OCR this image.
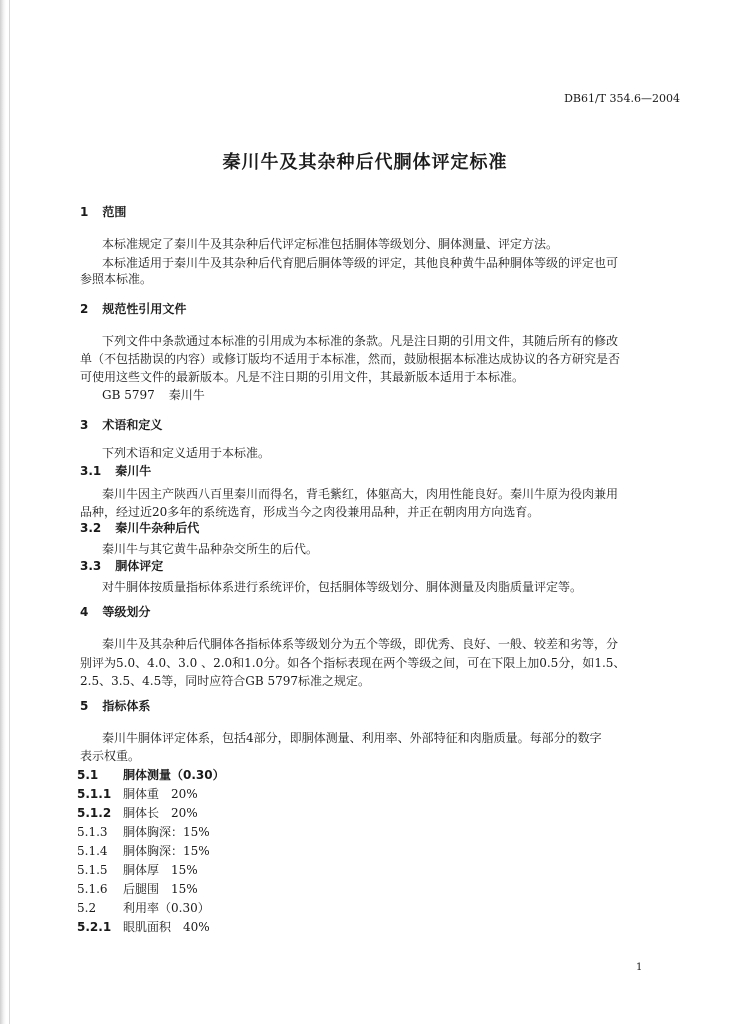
DB61/T 354.6—2004
秦川牛及其杂种后代胴体评定标准
1 范围
本标准规定了秦川牛及其杂种后代评定标准包括胴体等级划分、胴体测量、评定方法。
本标准适用于秦川牛及其杂种后代育肥后胴体等级的评定，其他良种黄牛品种胴体等级的评定也可
参照本标准。
2 规范性引用文件
下列文件中条款通过本标准的引用成为本标准的条款。凡是注日期的引用文件，其随后所有的修改
单（不包括勘误的内容）或修订版均不适用于本标准，然而，鼓励根据本标准达成协议的各方研究是否
可使用这些文件的最新版本。凡是不注日期的引用文件，其最新版本适用于本标准。
GB 5797 秦川牛
3 术语和定义
下列术语和定义适用于本标准。
3.1 秦川牛
秦川牛因主产陕西八百里秦川而得名，背毛紫红，体躯高大，肉用性能良好。秦川牛原为役肉兼用
品种，经过近20多年的系统选育，形成当今之肉役兼用品种，并正在朝肉用方向选育。
3.2 秦川牛杂种后代
秦川牛与其它黄牛品种杂交所生的后代。
3.3 胴体评定
对牛胴体按质量指标体系进行系统评价，包括胴体等级划分、胴体测量及肉脂质量评定等。
4 等级划分
秦川牛及其杂种后代胴体各指标体系等级划分为五个等级，即优秀、良好、一般、较差和劣等，分
别评为5.0、4.0、3.0 、2.0和1.0分。如各个指标表现在两个等级之间，可在下限上加0.5分，如1.5、
2.5、3.5、4.5等，同时应符合GB 5797标准之规定。
5 指标体系
秦川牛胴体评定体系，包括4部分，即胴体测量、利用率、外部特征和肉脂质量。每部分的数字
表示权重。
5.1 胴体测量（0.30）
5.1.1 胴体重　20%
5.1.2 胴体长　20%
5.1.3 胴体胸深：15%
5.1.4 胴体胸深：15%
5.1.5 胴体厚　15%
5.1.6 后腿围　15%
5.2 利用率（0.30）
5.2.1 眼肌面积　40%
1
